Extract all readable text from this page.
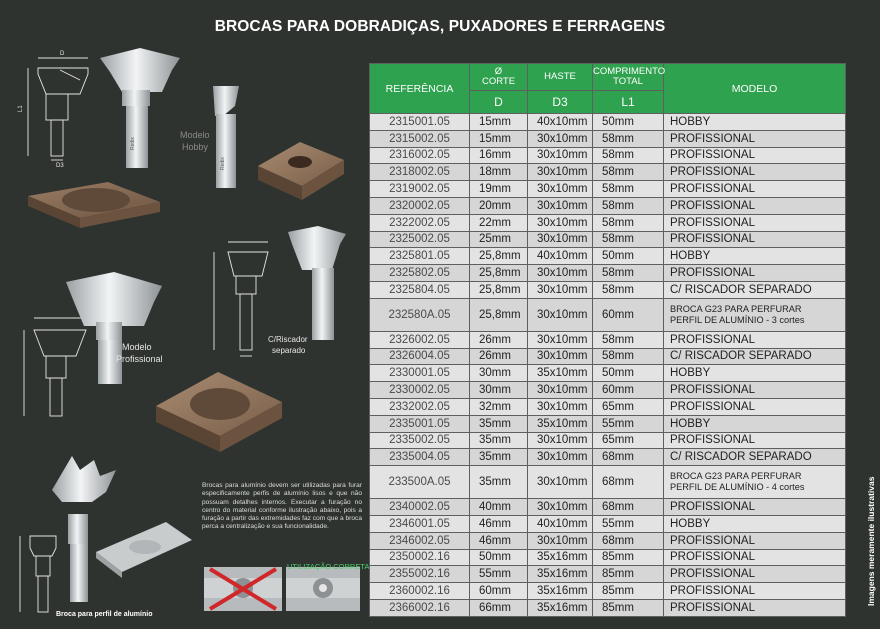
BROCAS PARA DOBRADIÇAS, PUXADORES E FERRAGENS
D
L1
D3
Redix
Redix
Modelo
Hobby
C/Riscador
separado
Modelo
Profissional
Brocas para alumínio devem ser utilizadas para furar especificamente perfis de alumínio lisos e que não possuam detalhes internos. Executar a furação no centro do material conforme ilustração abaixo, pois a furação a partir das extremidades faz com que a broca perca a centralização e sua funcionalidade.
UTILIZAÇÃO CORRETA
Broca para perfil de alumínio
REFERÊNCIA	Ø
CORTE	HASTE	COMPRIMENTO
TOTAL	MODELO
	D	D3	L1	
2315001.05	15mm	40x10mm	50mm	HOBBY
2315002.05	15mm	30x10mm	58mm	PROFISSIONAL
2316002.05	16mm	30x10mm	58mm	PROFISSIONAL
2318002.05	18mm	30x10mm	58mm	PROFISSIONAL
2319002.05	19mm	30x10mm	58mm	PROFISSIONAL
2320002.05	20mm	30x10mm	58mm	PROFISSIONAL
2322002.05	22mm	30x10mm	58mm	PROFISSIONAL
2325002.05	25mm	30x10mm	58mm	PROFISSIONAL
2325801.05	25,8mm	40x10mm	50mm	HOBBY
2325802.05	25,8mm	30x10mm	58mm	PROFISSIONAL
2325804.05	25,8mm	30x10mm	58mm	C/ RISCADOR SEPARADO
232580A.05	25,8mm	30x10mm	60mm	BROCA G23 PARA PERFURAR
PERFIL DE ALUMÍNIO - 3 cortes

2326002.05	26mm	30x10mm	58mm	PROFISSIONAL
2326004.05	26mm	30x10mm	58mm	C/ RISCADOR SEPARADO
2330001.05	30mm	35x10mm	50mm	HOBBY
2330002.05	30mm	30x10mm	60mm	PROFISSIONAL
2332002.05	32mm	30x10mm	65mm	PROFISSIONAL
2335001.05	35mm	35x10mm	55mm	HOBBY
2335002.05	35mm	30x10mm	65mm	PROFISSIONAL
2335004.05	35mm	30x10mm	68mm	C/ RISCADOR SEPARADO
233500A.05	35mm	30x10mm	68mm	BROCA G23 PARA PERFURAR
PERFIL DE ALUMÍNIO - 4 cortes

2340002.05	40mm	30x10mm	68mm	PROFISSIONAL
2346001.05	46mm	40x10mm	55mm	HOBBY
2346002.05	46mm	30x10mm	68mm	PROFISSIONAL
2350002.16	50mm	35x16mm	85mm	PROFISSIONAL
2355002.16	55mm	35x16mm	85mm	PROFISSIONAL
2360002.16	60mm	35x16mm	85mm	PROFISSIONAL
2366002.16	66mm	35x16mm	85mm	PROFISSIONAL
Imagens meramente ilustrativas
